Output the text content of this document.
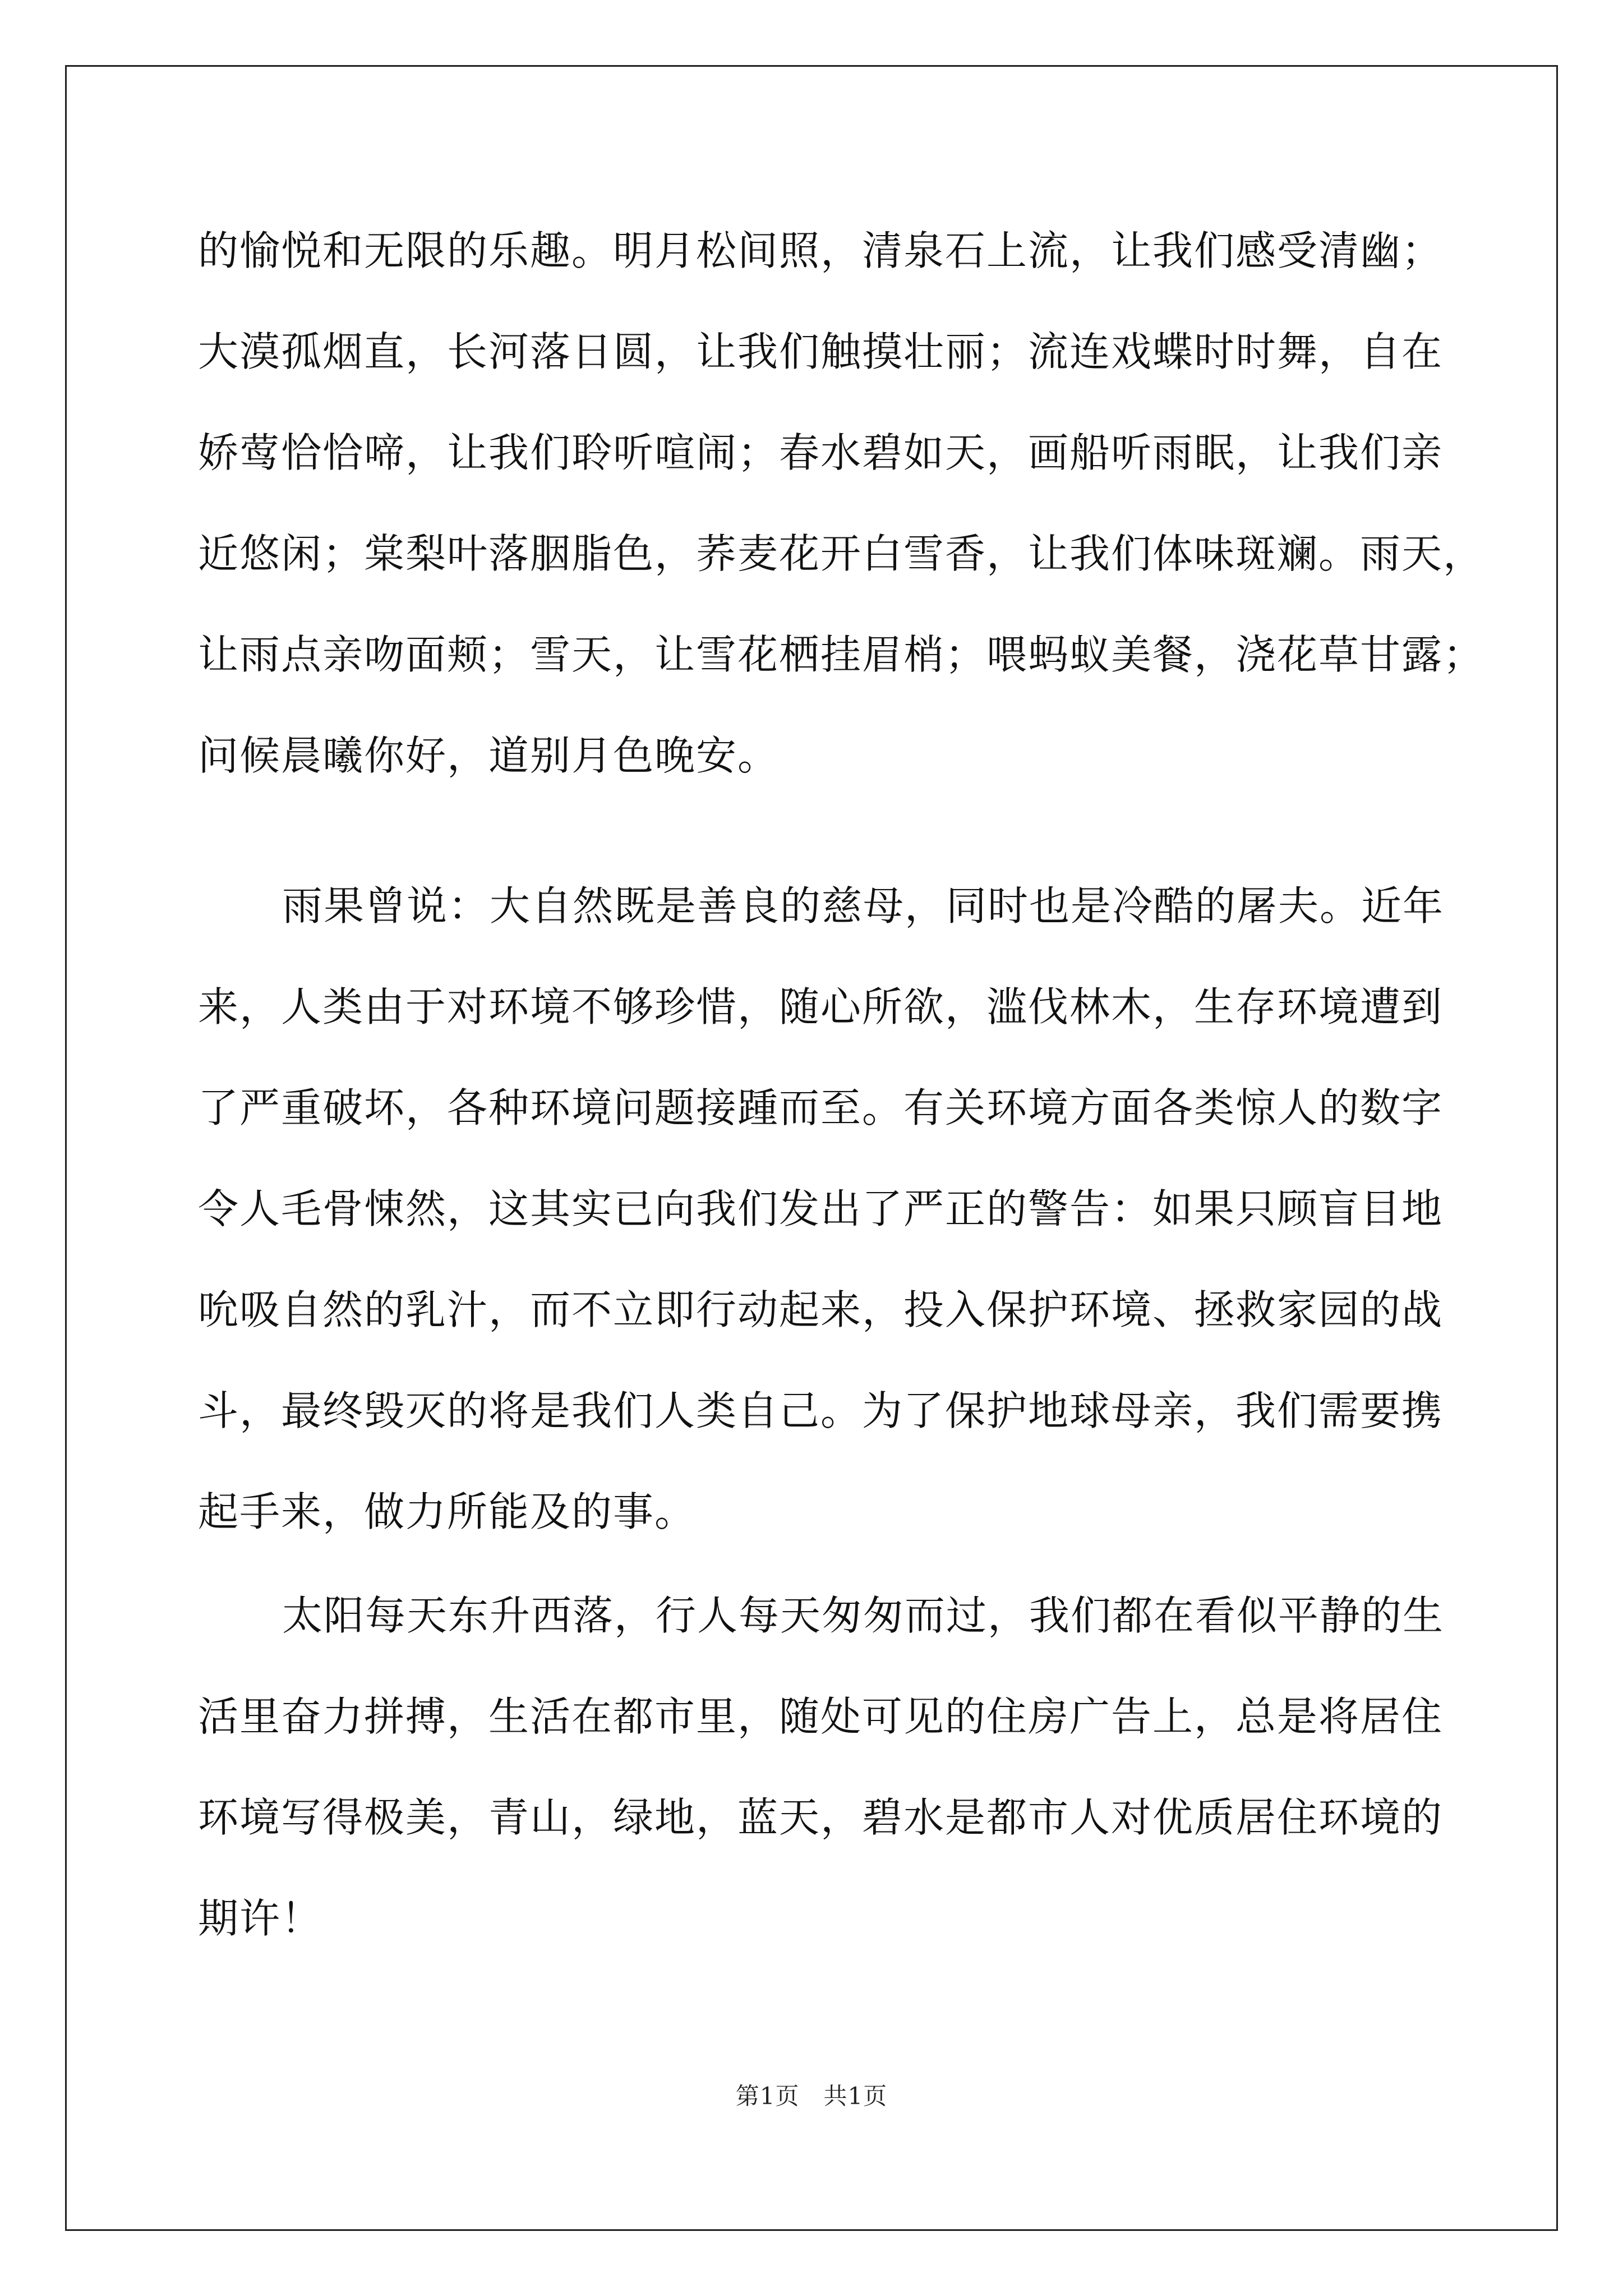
的愉悦和无限的乐趣。明月松间照，清泉石上流，让我们感受清幽；
大漠孤烟直，长河落日圆，让我们触摸壮丽；流连戏蝶时时舞，自在
娇莺恰恰啼，让我们聆听喧闹；春水碧如天，画船听雨眠，让我们亲
近悠闲；棠梨叶落胭脂色，荞麦花开白雪香，让我们体味斑斓。雨天，
让雨点亲吻面颊；雪天，让雪花栖挂眉梢；喂蚂蚁美餐，浇花草甘露；
问候晨曦你好，道别月色晚安。
雨果曾说：大自然既是善良的慈母，同时也是冷酷的屠夫。近年
来，人类由于对环境不够珍惜，随心所欲，滥伐林木，生存环境遭到
了严重破坏，各种环境问题接踵而至。有关环境方面各类惊人的数字
令人毛骨悚然，这其实已向我们发出了严正的警告：如果只顾盲目地
吮吸自然的乳汁，而不立即行动起来，投入保护环境、拯救家园的战
斗，最终毁灭的将是我们人类自己。为了保护地球母亲，我们需要携
起手来，做力所能及的事。
太阳每天东升西落，行人每天匆匆而过，我们都在看似平静的生
活里奋力拼搏，生活在都市里，随处可见的住房广告上，总是将居住
环境写得极美，青山，绿地，蓝天，碧水是都市人对优质居住环境的
期许！
第1页　共1页
